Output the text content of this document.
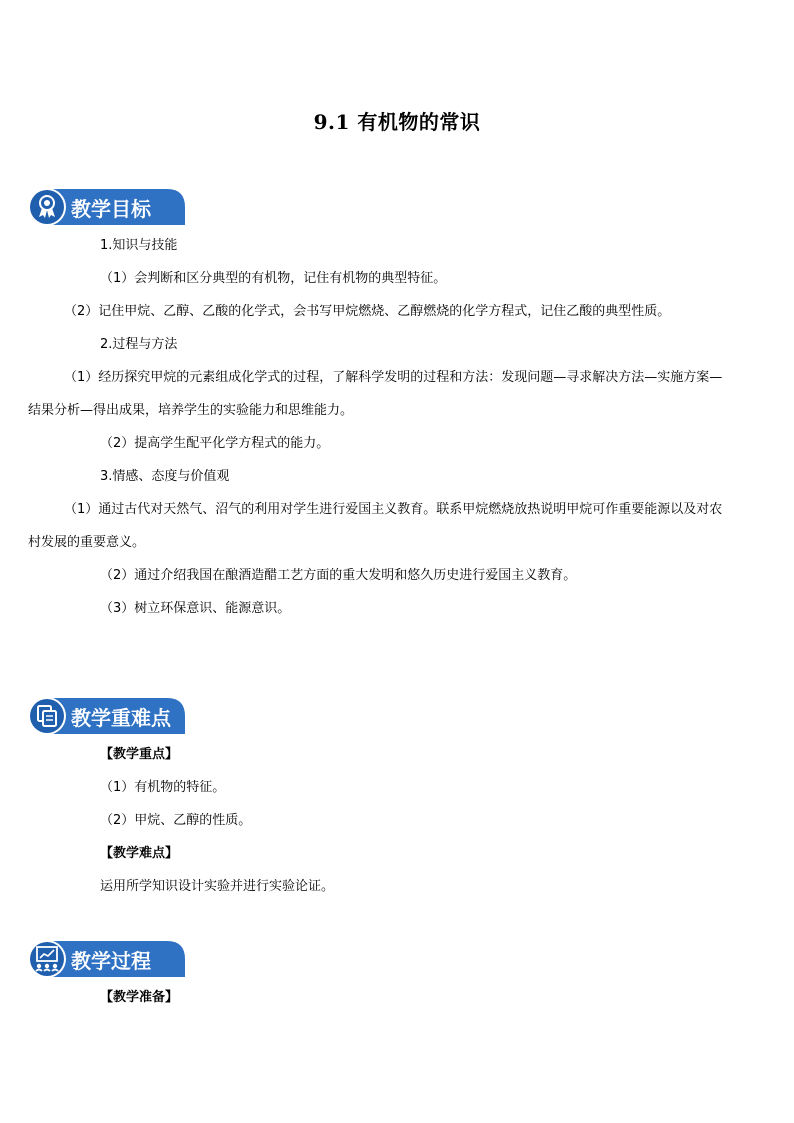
9.1 有机物的常识
教学目标

1.知识与技能

（1）会判断和区分典型的有机物，记住有机物的典型特征。

（2）记住甲烷、乙醇、乙酸的化学式，会书写甲烷燃烧、乙醇燃烧的化学方程式，记住乙酸的典型性质。

2.过程与方法

（1）经历探究甲烷的元素组成化学式的过程，了解科学发明的过程和方法：发现问题—寻求解决方法—实施方案—结果分析—得出成果，培养学生的实验能力和思维能力。

（2）提高学生配平化学方程式的能力。

3.情感、态度与价值观

（1）通过古代对天然气、沼气的利用对学生进行爱国主义教育。联系甲烷燃烧放热说明甲烷可作重要能源以及对农村发展的重要意义。

（2）通过介绍我国在酿酒造醋工艺方面的重大发明和悠久历史进行爱国主义教育。

（3）树立环保意识、能源意识。

教学重难点

【教学重点】

（1）有机物的特征。

（2）甲烷、乙醇的性质。

【教学难点】

运用所学知识设计实验并进行实验论证。

教学过程

【教学准备】
